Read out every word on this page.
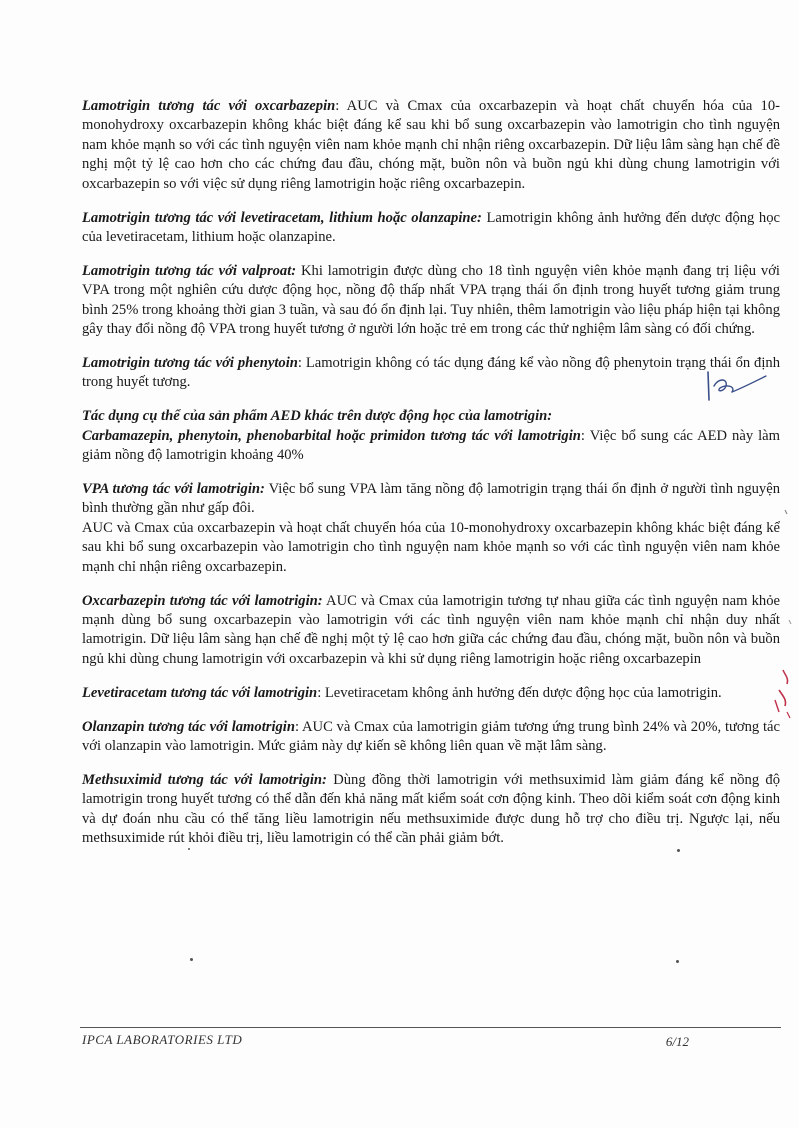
Lamotrigin tương tác với oxcarbazepin: AUC và Cmax của oxcarbazepin và hoạt chất chuyển hóa của 10-monohydroxy oxcarbazepin không khác biệt đáng kể sau khi bổ sung oxcarbazepin vào lamotrigin cho tình nguyện nam khỏe mạnh so với các tình nguyện viên nam khỏe mạnh chỉ nhận riêng oxcarbazepin. Dữ liệu lâm sàng hạn chế đề nghị một tỷ lệ cao hơn cho các chứng đau đầu, chóng mặt, buồn nôn và buồn ngủ khi dùng chung lamotrigin với oxcarbazepin so với việc sử dụng riêng lamotrigin hoặc riêng oxcarbazepin.

Lamotrigin tương tác với levetiracetam, lithium hoặc olanzapine: Lamotrigin không ảnh hưởng đến dược động học của levetiracetam, lithium hoặc olanzapine.

Lamotrigin tương tác với valproat: Khi lamotrigin được dùng cho 18 tình nguyện viên khỏe mạnh đang trị liệu với VPA trong một nghiên cứu dược động học, nồng độ thấp nhất VPA trạng thái ổn định trong huyết tương giảm trung bình 25% trong khoảng thời gian 3 tuần, và sau đó ổn định lại. Tuy nhiên, thêm lamotrigin vào liệu pháp hiện tại không gây thay đổi nồng độ VPA trong huyết tương ở người lớn hoặc trẻ em trong các thử nghiệm lâm sàng có đối chứng.

Lamotrigin tương tác với phenytoin: Lamotrigin không có tác dụng đáng kể vào nồng độ phenytoin trạng thái ổn định trong huyết tương.

Tác dụng cụ thể của sản phẩm AED khác trên dược động học của lamotrigin:
Carbamazepin, phenytoin, phenobarbital hoặc primidon tương tác với lamotrigin: Việc bổ sung các AED này làm giảm nồng độ lamotrigin khoảng 40%

VPA tương tác với lamotrigin: Việc bổ sung VPA làm tăng nồng độ lamotrigin trạng thái ổn định ở người tình nguyện bình thường gần như gấp đôi.
AUC và Cmax của oxcarbazepin và hoạt chất chuyển hóa của 10-monohydroxy oxcarbazepin không khác biệt đáng kể sau khi bổ sung oxcarbazepin vào lamotrigin cho tình nguyện nam khỏe mạnh so với các tình nguyện viên nam khỏe mạnh chỉ nhận riêng oxcarbazepin.

Oxcarbazepin tương tác với lamotrigin: AUC và Cmax của lamotrigin tương tự nhau giữa các tình nguyện nam khỏe mạnh dùng bổ sung oxcarbazepin vào lamotrigin với các tình nguyện viên nam khỏe mạnh chỉ nhận duy nhất lamotrigin. Dữ liệu lâm sàng hạn chế đề nghị một tỷ lệ cao hơn giữa các chứng đau đầu, chóng mặt, buồn nôn và buồn ngủ khi dùng chung lamotrigin với oxcarbazepin và khi sử dụng riêng lamotrigin hoặc riêng oxcarbazepin

Levetiracetam tương tác với lamotrigin: Levetiracetam không ảnh hưởng đến dược động học của lamotrigin.

Olanzapin tương tác với lamotrigin: AUC và Cmax của lamotrigin giảm tương ứng trung bình 24% và 20%, tương tác với olanzapin vào lamotrigin. Mức giảm này dự kiến sẽ không liên quan về mặt lâm sàng.

Methsuximid tương tác với lamotrigin: Dùng đồng thời lamotrigin với methsuximid làm giảm đáng kể nồng độ lamotrigin trong huyết tương có thể dẫn đến khả năng mất kiểm soát cơn động kinh. Theo dõi kiểm soát cơn động kinh và dự đoán nhu cầu có thể tăng liều lamotrigin nếu methsuximide được dung hỗ trợ cho điều trị. Ngược lại, nếu methsuximide rút khỏi điều trị, liều lamotrigin có thể cần phải giảm bớt.

IPCA LABORATORIES LTD	6/12
